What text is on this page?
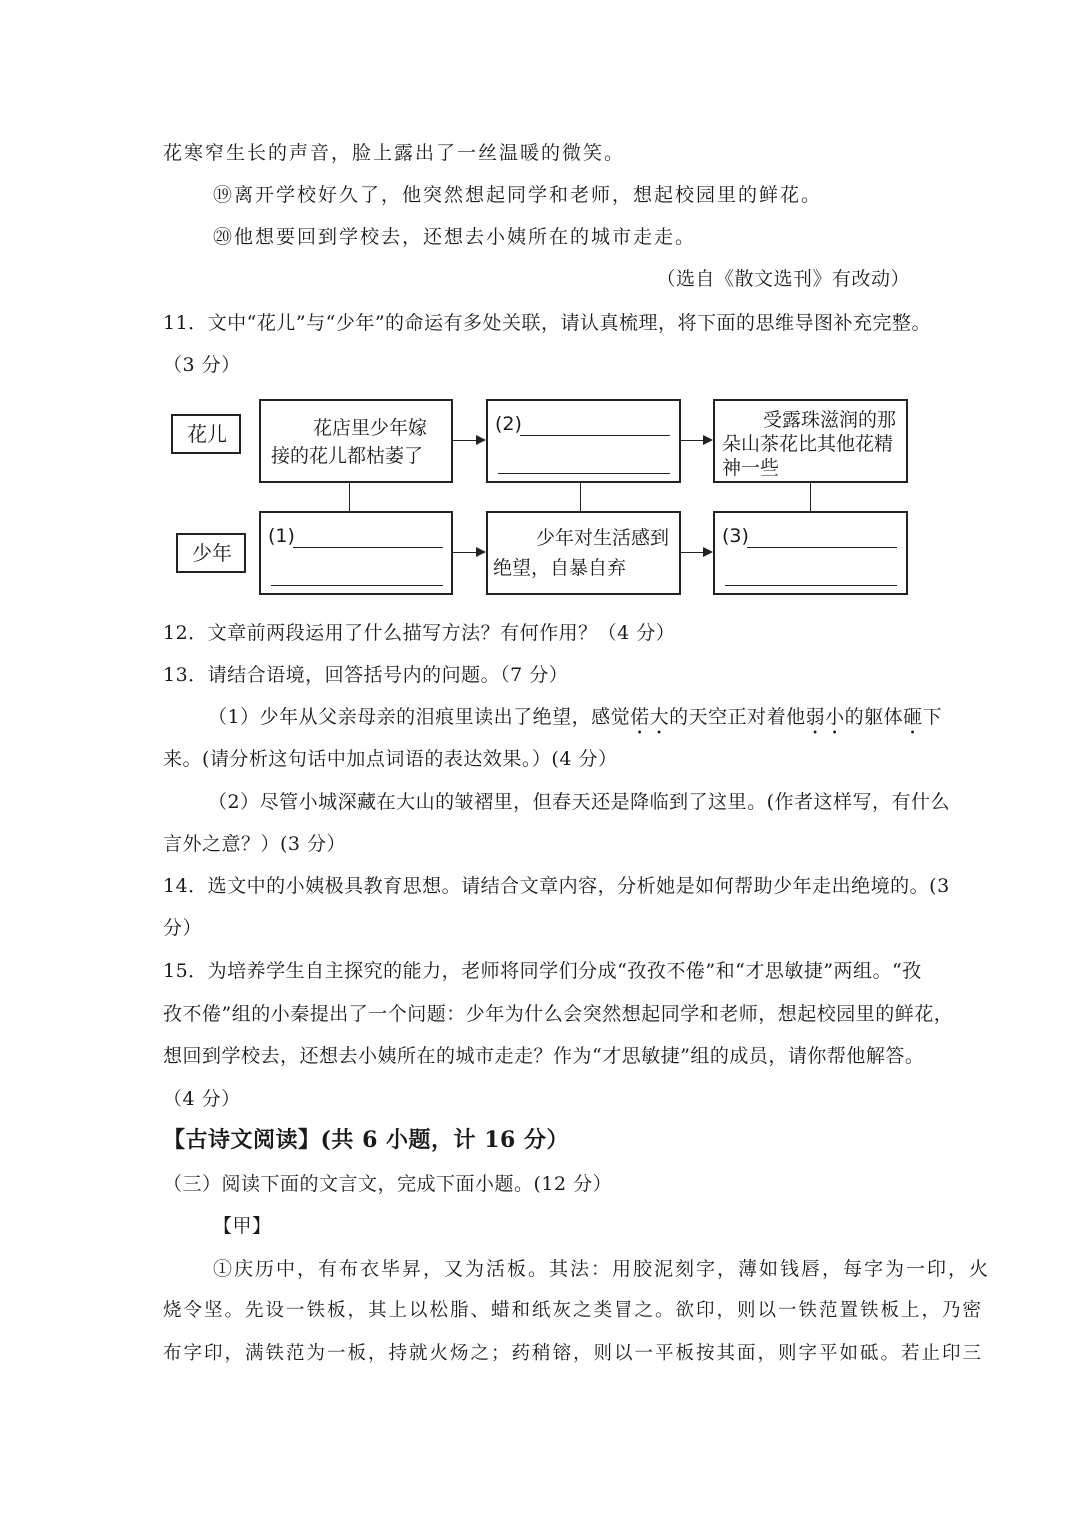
花寒窄生长的声音，脸上露出了一丝温暖的微笑。
⑲离开学校好久了，他突然想起同学和老师，想起校园里的鲜花。
⑳他想要回到学校去，还想去小姨所在的城市走走。
（选自《散文选刊》有改动）
11．文中“花儿”与“少年”的命运有多处关联，请认真梳理，将下面的思维导图补充完整。
（3 分）
花儿
少年
花店里少年嫁
接的花儿都枯萎了
(2)	受露珠滋润的那
朵山茶花比其他花精
神一些
(1)	少年对生活感到
绝望，自暴自弃
(3)
12．文章前两段运用了什么描写方法？有何作用？（4 分）
13．请结合语境，回答括号内的问题。（7 分）
（1）少年从父亲母亲的泪痕里读出了绝望，感觉偌大的天空正对着他弱小的躯体砸下
来。(请分析这句话中加点词语的表达效果。）(4 分）
（2）尽管小城深藏在大山的皱褶里，但春天还是降临到了这里。(作者这样写，有什么
言外之意？）(3 分）
14．选文中的小姨极具教育思想。请结合文章内容，分析她是如何帮助少年走出绝境的。(3
分）
15．为培养学生自主探究的能力，老师将同学们分成“孜孜不倦”和“才思敏捷”两组。“孜
孜不倦”组的小秦提出了一个问题：少年为什么会突然想起同学和老师，想起校园里的鲜花，
想回到学校去，还想去小姨所在的城市走走？作为“才思敏捷”组的成员，请你帮他解答。
（4 分）
【古诗文阅读】(共 6 小题，计 16 分）
（三）阅读下面的文言文，完成下面小题。(12 分）
【甲】
①庆历中，有布衣毕昇，又为活板。其法：用胶泥刻字，薄如钱唇，每字为一印，火
烧令坚。先设一铁板，其上以松脂、蜡和纸灰之类冒之。欲印，则以一铁范置铁板上，乃密
布字印，满铁范为一板，持就火炀之；药稍镕，则以一平板按其面，则字平如砥。若止印三
